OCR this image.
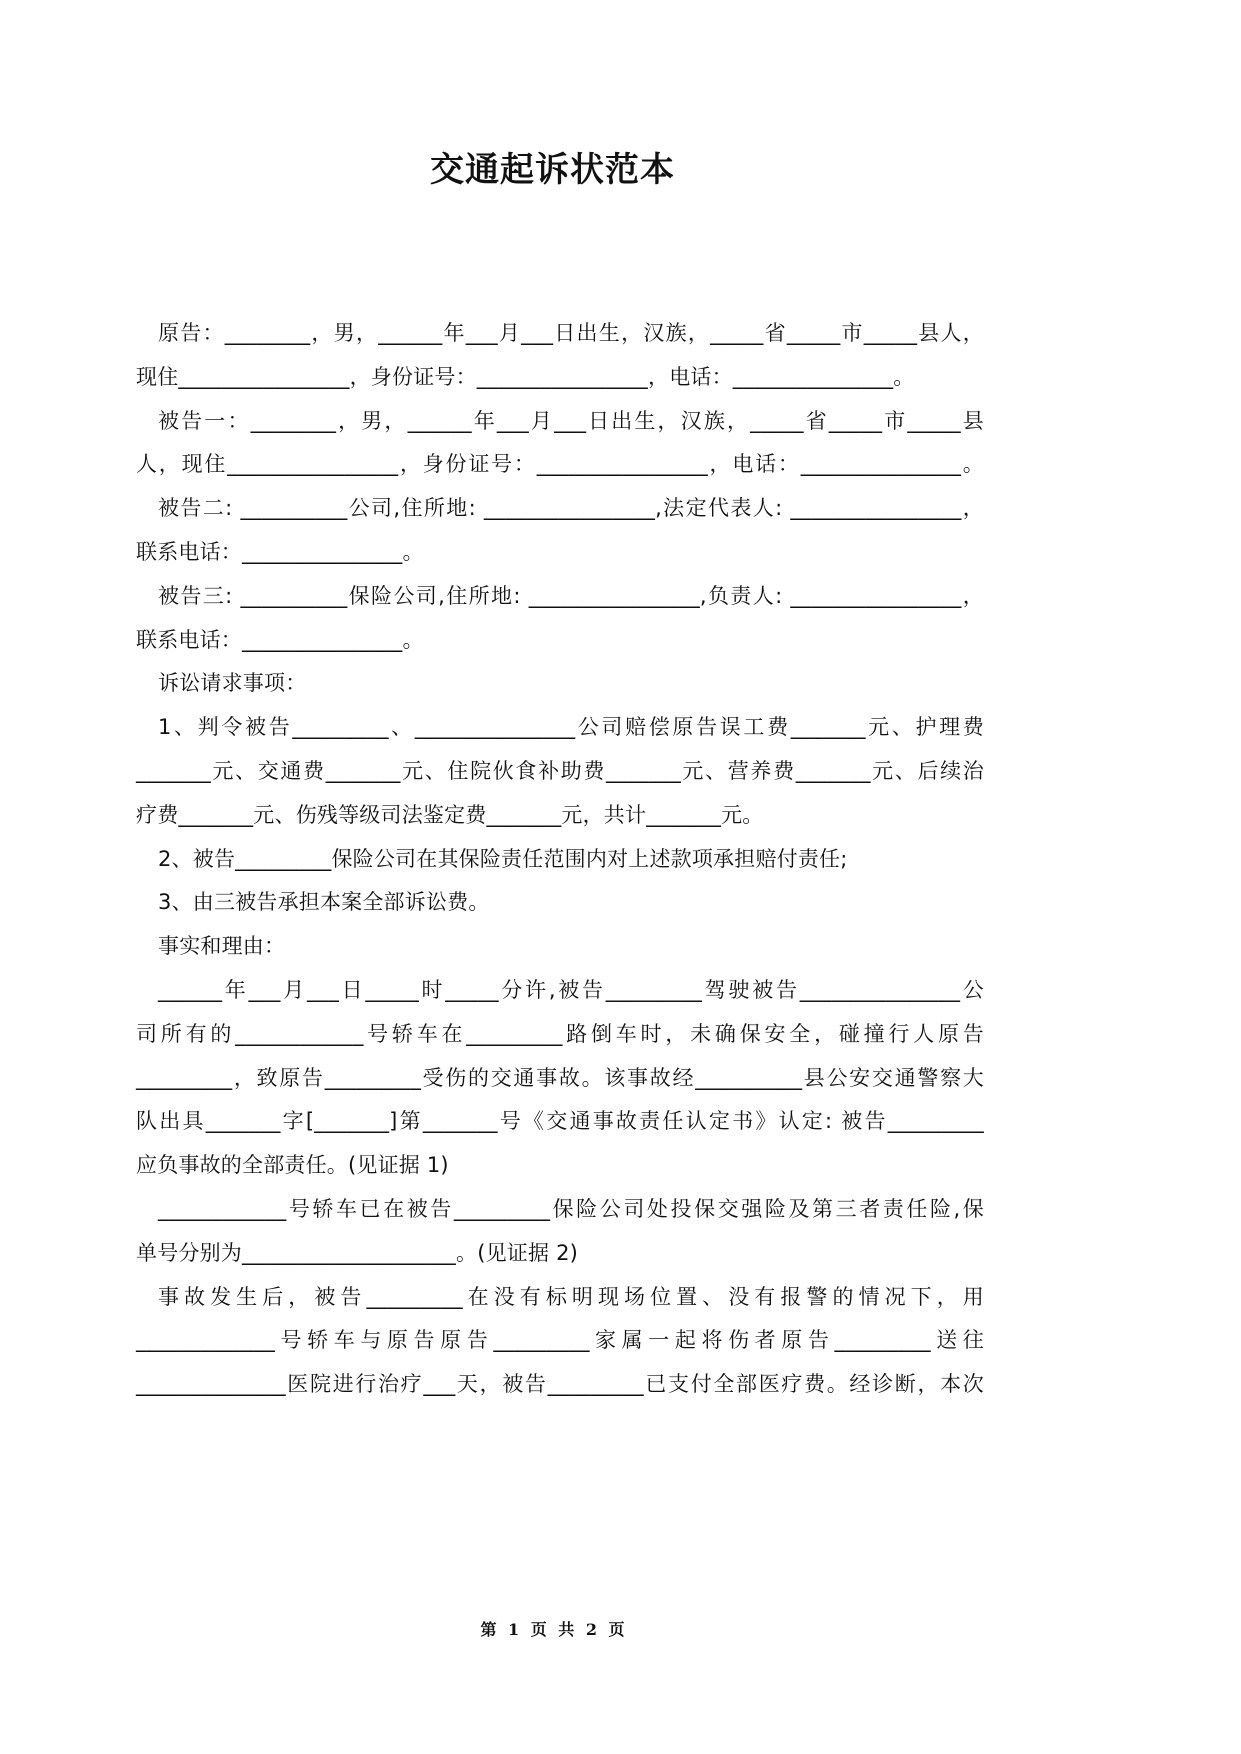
交通起诉状范本
原告：________，男，______年___月___日出生，汉族，_____省_____市_____县人，
现住________________，身份证号：________________，电话：_______________。
被告一：________，男，______年___月___日出生，汉族，_____省_____市_____县
人，现住________________，身份证号：________________，电话：_______________。
被告二: __________公司,住所地: ________________,法定代表人: ________________，
联系电话：_______________。
被告三: __________保险公司,住所地: ________________,负责人: ________________，
联系电话：_______________。
诉讼请求事项：
1、判令被告_________、_______________公司赔偿原告误工费_______元、护理费
_______元、交通费_______元、住院伙食补助费_______元、营养费_______元、后续治
疗费_______元、伤残等级司法鉴定费_______元，共计_______元。
2、被告_________保险公司在其保险责任范围内对上述款项承担赔付责任;
3、由三被告承担本案全部诉讼费。
事实和理由：
______年___月___日_____时_____分许,被告_________驾驶被告_______________公
司所有的____________号轿车在_________路倒车时，未确保安全，碰撞行人原告
_________，致原告_________受伤的交通事故。该事故经__________县公安交通警察大
队出具_______字[_______]第_______号《交通事故责任认定书》认定: 被告_________
应负事故的全部责任。(见证据 1)
____________号轿车已在被告_________保险公司处投保交强险及第三者责任险,保
单号分别为____________________。(见证据 2)
事故发生后，被告_________在没有标明现场位置、没有报警的情况下，用
_____________号轿车与原告原告_________家属一起将伤者原告_________送往
______________医院进行治疗___天，被告_________已支付全部医疗费。经诊断，本次
第 1 页 共 2 页
